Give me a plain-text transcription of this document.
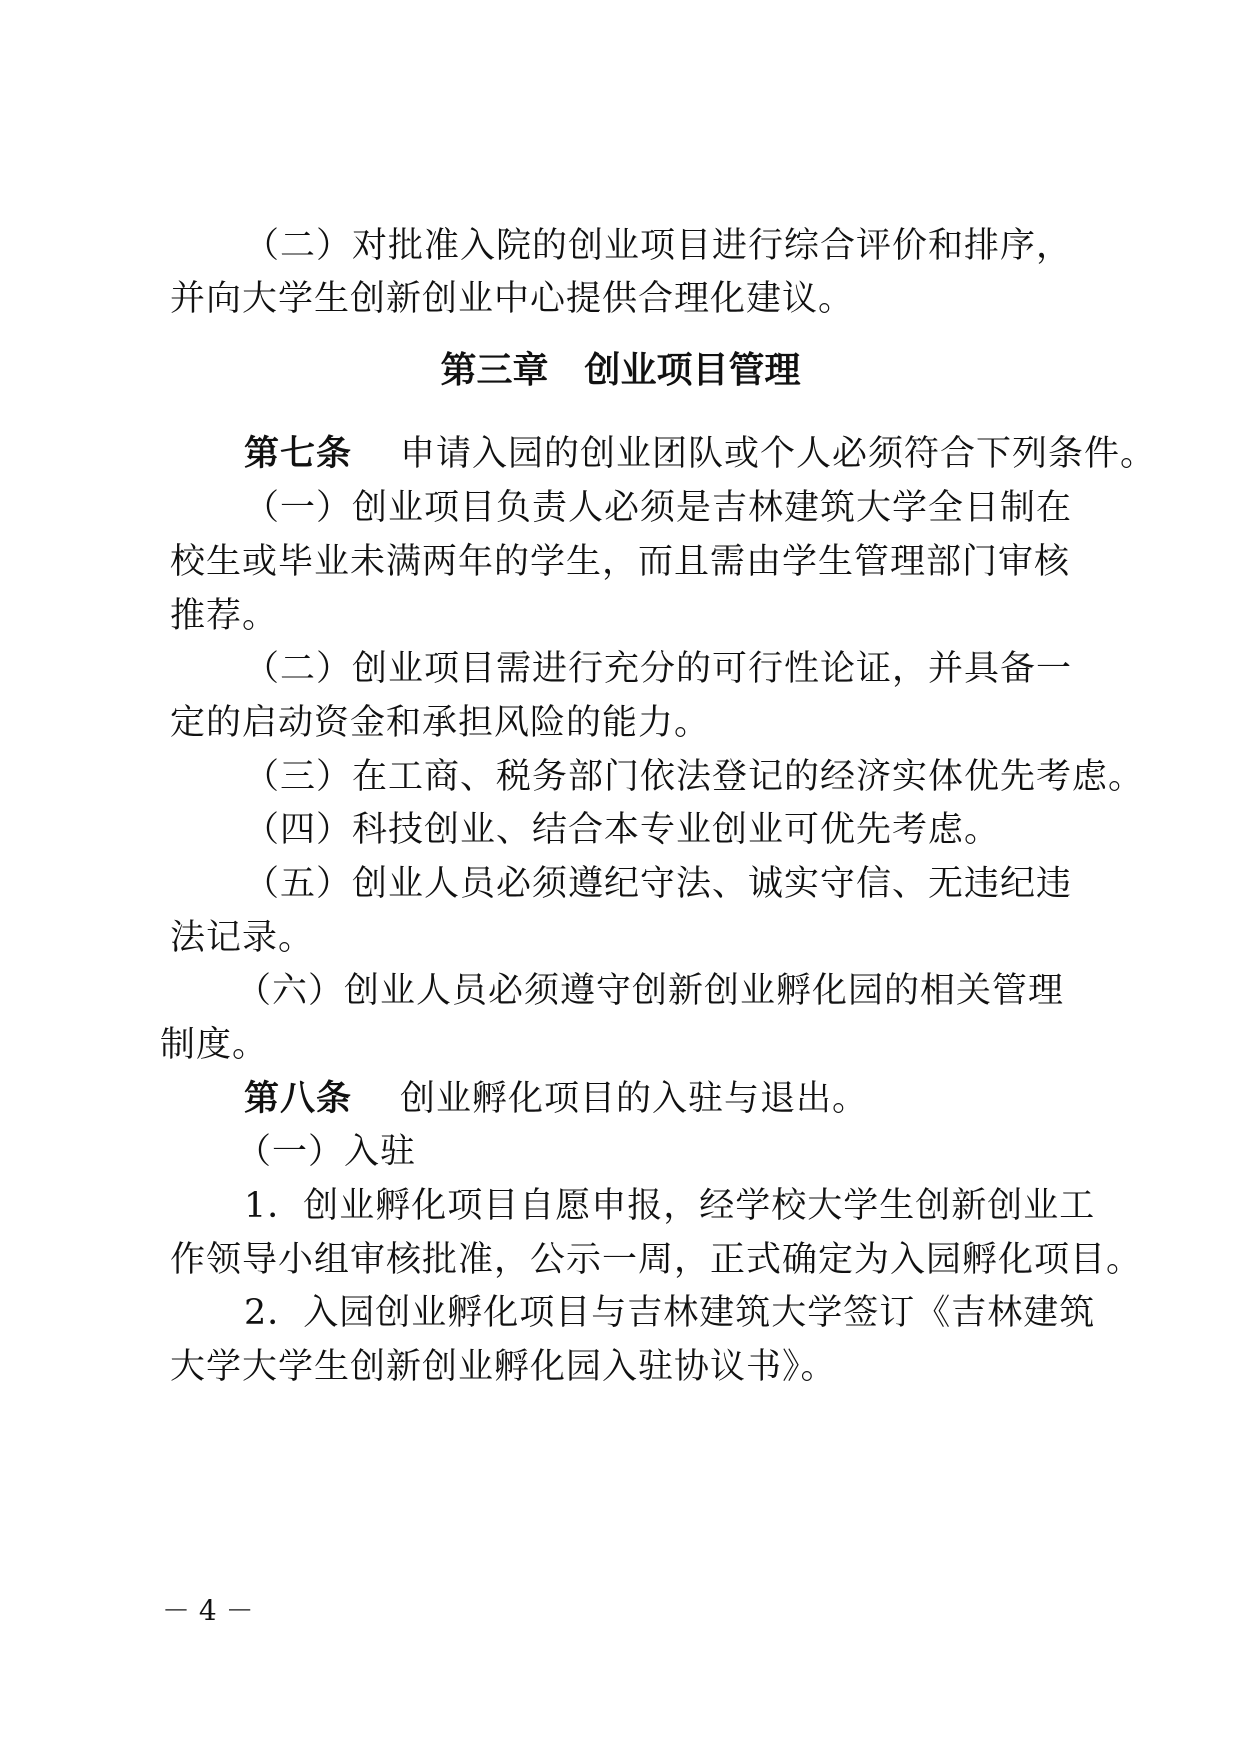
（二）对批准入院的创业项目进行综合评价和排序，
并向大学生创新创业中心提供合理化建议。
第三章　创业项目管理
第七条 申请入园的创业团队或个人必须符合下列条件。
（一）创业项目负责人必须是吉林建筑大学全日制在
校生或毕业未满两年的学生，而且需由学生管理部门审核
推荐。
（二）创业项目需进行充分的可行性论证，并具备一
定的启动资金和承担风险的能力。
（三）在工商、税务部门依法登记的经济实体优先考虑。
（四）科技创业、结合本专业创业可优先考虑。
（五）创业人员必须遵纪守法、诚实守信、无违纪违
法记录。
（六）创业人员必须遵守创新创业孵化园的相关管理
制度。
第八条 创业孵化项目的入驻与退出。
（一）入驻
1．创业孵化项目自愿申报，经学校大学生创新创业工
作领导小组审核批准，公示一周，正式确定为入园孵化项目。
2．入园创业孵化项目与吉林建筑大学签订《吉林建筑
大学大学生创新创业孵化园入驻协议书》。
－ 4 －
